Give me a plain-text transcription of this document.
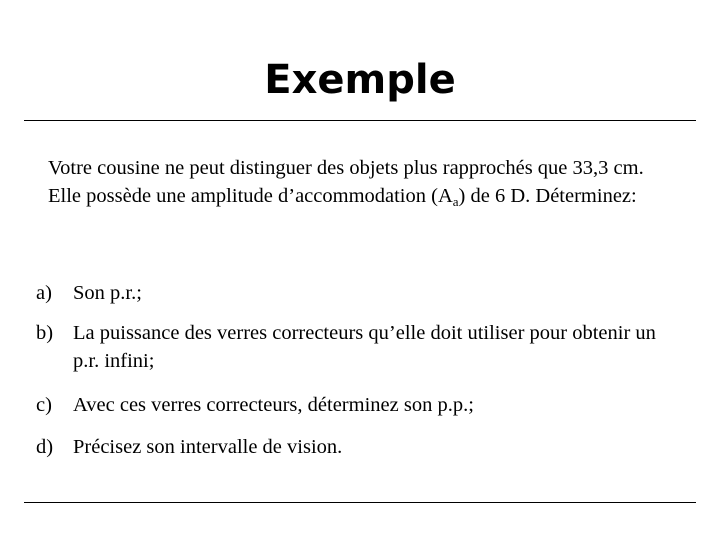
Exemple

Votre cousine ne peut distinguer des objets plus rapprochés que 33,3 cm. Elle possède une amplitude d’accommodation $(A_a)$ de 6 D. Déterminez:

a)	Son p.r.;
b) La puissance des verres correcteurs qu’elle doit utiliser pour obtenir un p.r. infini;
c)	Avec ces verres correcteurs, déterminez son p.p.;
d) Précisez son intervalle de vision.
